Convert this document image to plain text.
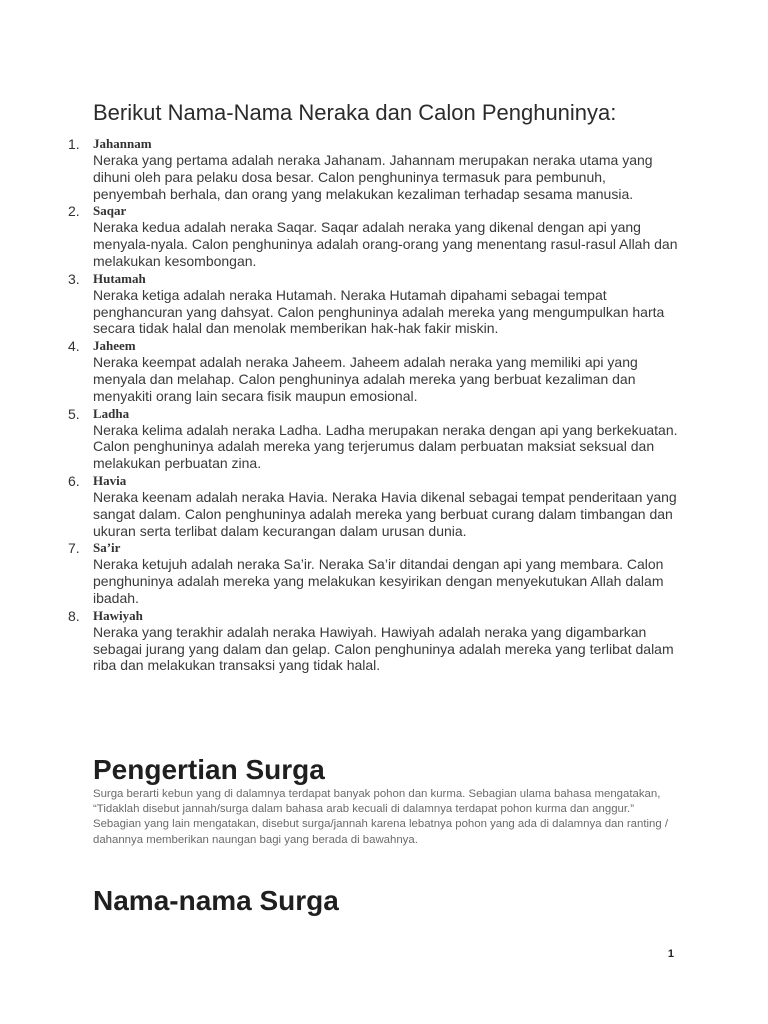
Berikut Nama-Nama Neraka dan Calon Penghuninya:
1. Jahannam
Neraka yang pertama adalah neraka Jahanam. Jahannam merupakan neraka utama yang dihuni oleh para pelaku dosa besar. Calon penghuninya termasuk para pembunuh, penyembah berhala, dan orang yang melakukan kezaliman terhadap sesama manusia.
2. Saqar
Neraka kedua adalah neraka Saqar. Saqar adalah neraka yang dikenal dengan api yang menyala-nyala. Calon penghuninya adalah orang-orang yang menentang rasul-rasul Allah dan melakukan kesombongan.
3. Hutamah
Neraka ketiga adalah neraka Hutamah. Neraka Hutamah dipahami sebagai tempat penghancuran yang dahsyat. Calon penghuninya adalah mereka yang mengumpulkan harta secara tidak halal dan menolak memberikan hak-hak fakir miskin.
4. Jaheem
Neraka keempat adalah neraka Jaheem. Jaheem adalah neraka yang memiliki api yang menyala dan melahap. Calon penghuninya adalah mereka yang berbuat kezaliman dan menyakiti orang lain secara fisik maupun emosional.
5. Ladha
Neraka kelima adalah neraka Ladha. Ladha merupakan neraka dengan api yang berkekuatan. Calon penghuninya adalah mereka yang terjerumus dalam perbuatan maksiat seksual dan melakukan perbuatan zina.
6. Havia
Neraka keenam adalah neraka Havia. Neraka Havia dikenal sebagai tempat penderitaan yang sangat dalam. Calon penghuninya adalah mereka yang berbuat curang dalam timbangan dan ukuran serta terlibat dalam kecurangan dalam urusan dunia.
7. Sa’ir
Neraka ketujuh adalah neraka Sa’ir. Neraka Sa’ir ditandai dengan api yang membara. Calon penghuninya adalah mereka yang melakukan kesyirikan dengan menyekutukan Allah dalam ibadah.
8. Hawiyah
Neraka yang terakhir adalah neraka Hawiyah. Hawiyah adalah neraka yang digambarkan sebagai jurang yang dalam dan gelap. Calon penghuninya adalah mereka yang terlibat dalam riba dan melakukan transaksi yang tidak halal.
Pengertian Surga

Surga berarti kebun yang di dalamnya terdapat banyak pohon dan kurma. Sebagian ulama bahasa mengatakan, “Tidaklah disebut jannah/surga dalam bahasa arab kecuali di dalamnya terdapat pohon kurma dan anggur.” Sebagian yang lain mengatakan, disebut surga/jannah karena lebatnya pohon yang ada di dalamnya dan ranting / dahannya memberikan naungan bagi yang berada di bawahnya.

Nama-nama Surga
1
